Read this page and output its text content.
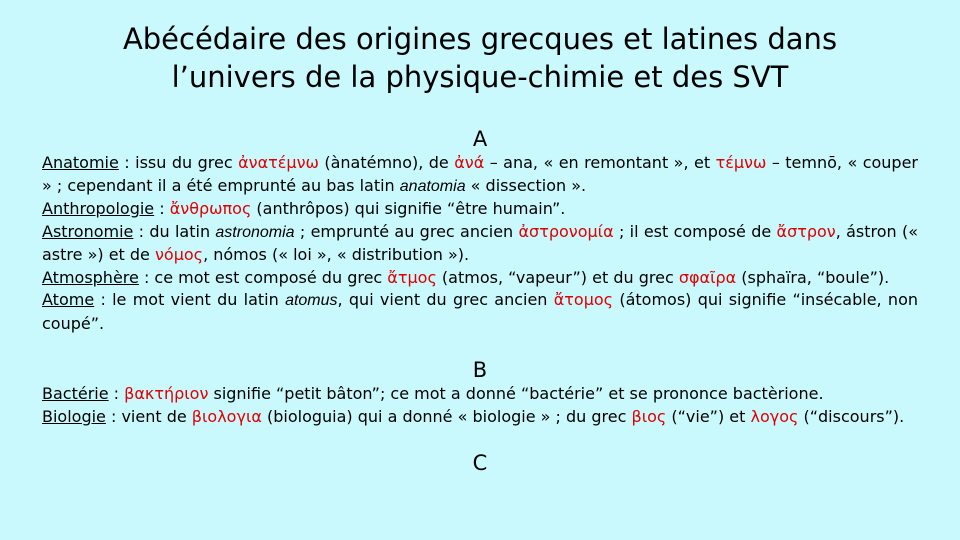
Abécédaire des origines grecques et latines dans
l’univers de la physique-chimie et des SVT
A
Anatomie : issu du grec ἀνατέμνω (ànatémno), de ἀνά – ana, « en remontant », et τέμνω – temnō, « couper » ; cependant il a été emprunté au bas latin anatomia « dissection ».
Anthropologie : ἄνθρωπος (anthrôpos) qui signifie “être humain”.
Astronomie : du latin astronomia ; emprunté au grec ancien ἀστρονομία ; il est composé de ἄστρον, ástron (« astre ») et de νόμος, nómos (« loi », « distribution »).
Atmosphère : ce mot est composé du grec ἄτμος (atmos, “vapeur”) et du grec σφαῖρα (sphaïra, “boule”).
Atome : le mot vient du latin atomus, qui vient du grec ancien ἄτομος (átomos) qui signifie “insécable, non coupé”.
B
Bactérie : βακτήριον signifie “petit bâton”; ce mot a donné “bactérie” et se prononce bactèrione.
Biologie : vient de βιολογια (biologuia) qui a donné « biologie » ; du grec βιος (“vie”) et λογος (“discours”).
C
